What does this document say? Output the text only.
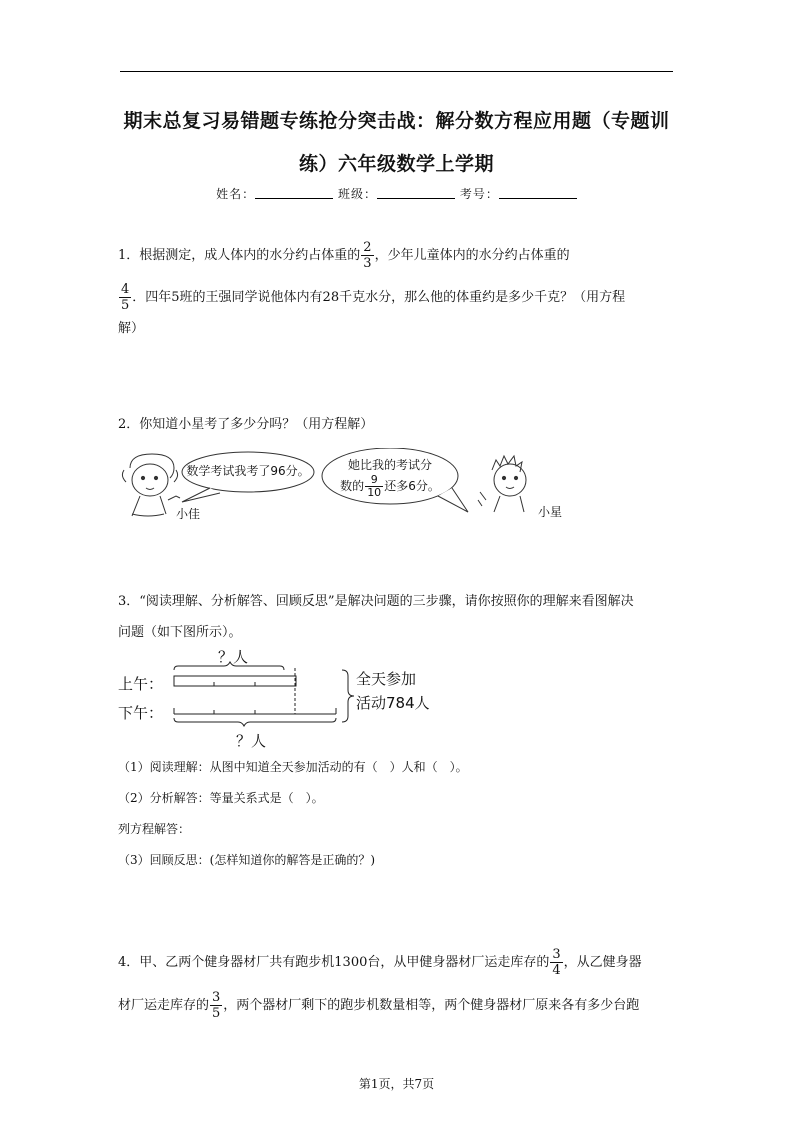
期末总复习易错题专练抢分突击战：解分数方程应用题（专题训
练）六年级数学上学期
姓名：	班级：	考号：
1．根据测定，成人体内的水分约占体重的 $\frac{2}{3}$ ，少年儿童体内的水分约占体重的
$\frac{4}{5}$ ．四年5班的王强同学说他体内有28千克水分，那么他的体重约是多少千克？（用方程
解）
2．你知道小星考了多少分吗？（用方程解）
数学考试我考了96分。	她比我的考试分
数的 $\frac{9}{10}$ 还多6分。
小佳	小星
3．“阅读理解、分析解答、回顾反思”是解决问题的三步骤，请你按照你的理解来看图解决
问题（如下图所示）。
？人
上午：
下午：
？人
全天参加
活动784人
（1）阅读理解：从图中知道全天参加活动的有（　）人和（　）。
（2）分析解答：等量关系式是（　）。
列方程解答：
（3）回顾反思：(怎样知道你的解答是正确的？)
4．甲、乙两个健身器材厂共有跑步机1300台，从甲健身器材厂运走库存的 $\frac{3}{4}$ ，从乙健身器
材厂运走库存的 $\frac{3}{5}$ ，两个器材厂剩下的跑步机数量相等，两个健身器材厂原来各有多少台跑
第1页，共7页
